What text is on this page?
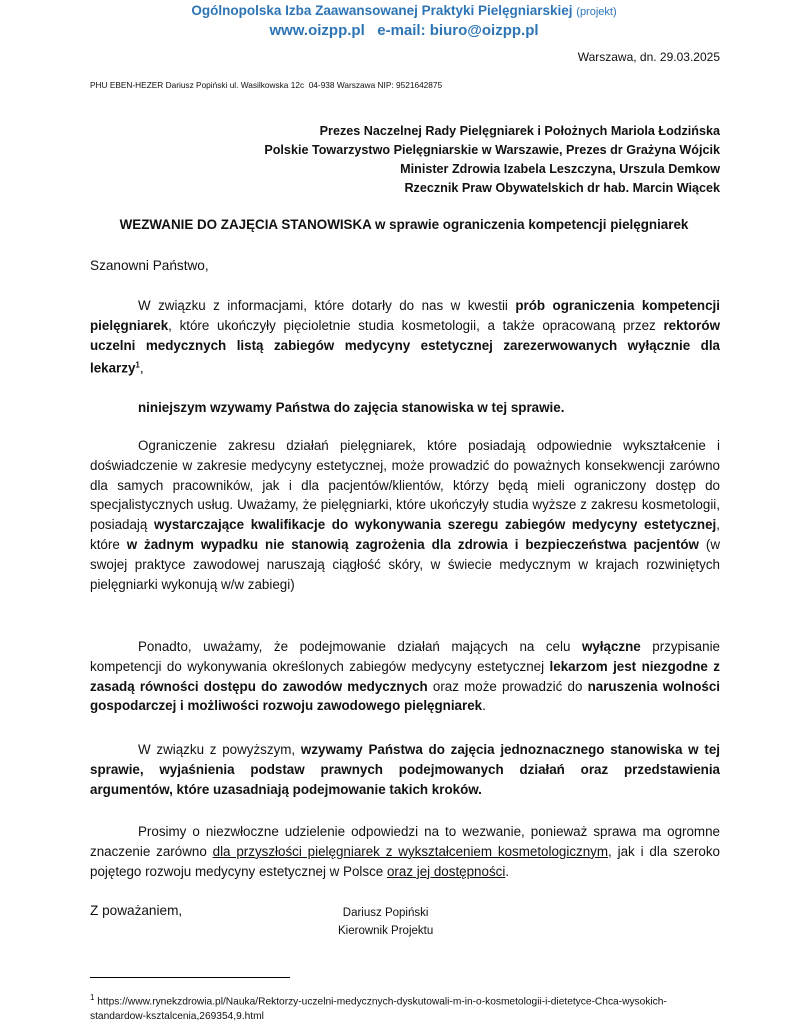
Ogólnopolska Izba Zaawansowanej Praktyki Pielęgniarskiej (projekt)
www.oizpp.pl   e-mail: biuro@oizpp.pl
Warszawa, dn. 29.03.2025
PHU EBEN-HEZER Dariusz Popiński ul. Wasilkowska 12c  04-938 Warszawa NIP: 9521642875
Prezes Naczelnej Rady Pielęgniarek i Położnych Mariola Łodzińska
Polskie Towarzystwo Pielęgniarskie w Warszawie, Prezes dr Grażyna Wójcik
Minister Zdrowia Izabela Leszczyna, Urszula Demkow
Rzecznik Praw Obywatelskich dr hab. Marcin Wiącek
WEZWANIE DO ZAJĘCIA STANOWISKA w sprawie ograniczenia kompetencji pielęgniarek
Szanowni Państwo,
W związku z informacjami, które dotarły do nas w kwestii prób ograniczenia kompetencji pielęgniarek, które ukończyły pięcioletnie studia kosmetologii, a także opracowaną przez rektorów uczelni medycznych listą zabiegów medycyny estetycznej zarezerwowanych wyłącznie dla lekarzy$^1$,
niniejszym wzywamy Państwa do zajęcia stanowiska w tej sprawie.
Ograniczenie zakresu działań pielęgniarek, które posiadają odpowiednie wykształcenie i doświadczenie w zakresie medycyny estetycznej, może prowadzić do poważnych konsekwencji zarówno dla samych pracowników, jak i dla pacjentów/klientów, którzy będą mieli ograniczony dostęp do specjalistycznych usług. Uważamy, że pielęgniarki, które ukończyły studia wyższe z zakresu kosmetologii, posiadają wystarczające kwalifikacje do wykonywania szeregu zabiegów medycyny estetycznej, które w żadnym wypadku nie stanowią zagrożenia dla zdrowia i bezpieczeństwa pacjentów (w swojej praktyce zawodowej naruszają ciągłość skóry, w świecie medycznym w krajach rozwiniętych pielęgniarki wykonują w/w zabiegi)
Ponadto, uważamy, że podejmowanie działań mających na celu wyłączne przypisanie kompetencji do wykonywania określonych zabiegów medycyny estetycznej lekarzom jest niezgodne z zasadą równości dostępu do zawodów medycznych oraz może prowadzić do naruszenia wolności gospodarczej i możliwości rozwoju zawodowego pielęgniarek.
W związku z powyższym, wzywamy Państwa do zajęcia jednoznacznego stanowiska w tej sprawie, wyjaśnienia podstaw prawnych podejmowanych działań oraz przedstawienia argumentów, które uzasadniają podejmowanie takich kroków.
Prosimy o niezwłoczne udzielenie odpowiedzi na to wezwanie, ponieważ sprawa ma ogromne znaczenie zarówno dla przyszłości pielęgniarek z wykształceniem kosmetologicznym, jak i dla szeroko pojętego rozwoju medycyny estetycznej w Polsce oraz jej dostępności.
Z poważaniem,	Dariusz Popiński
Kierownik Projektu
$^1$ https://www.rynekzdrowia.pl/Nauka/Rektorzy-uczelni-medycznych-dyskutowali-m-in-o-kosmetologii-i-dietetyce-Chca-wysokich-standardow-ksztalcenia,269354,9.html
